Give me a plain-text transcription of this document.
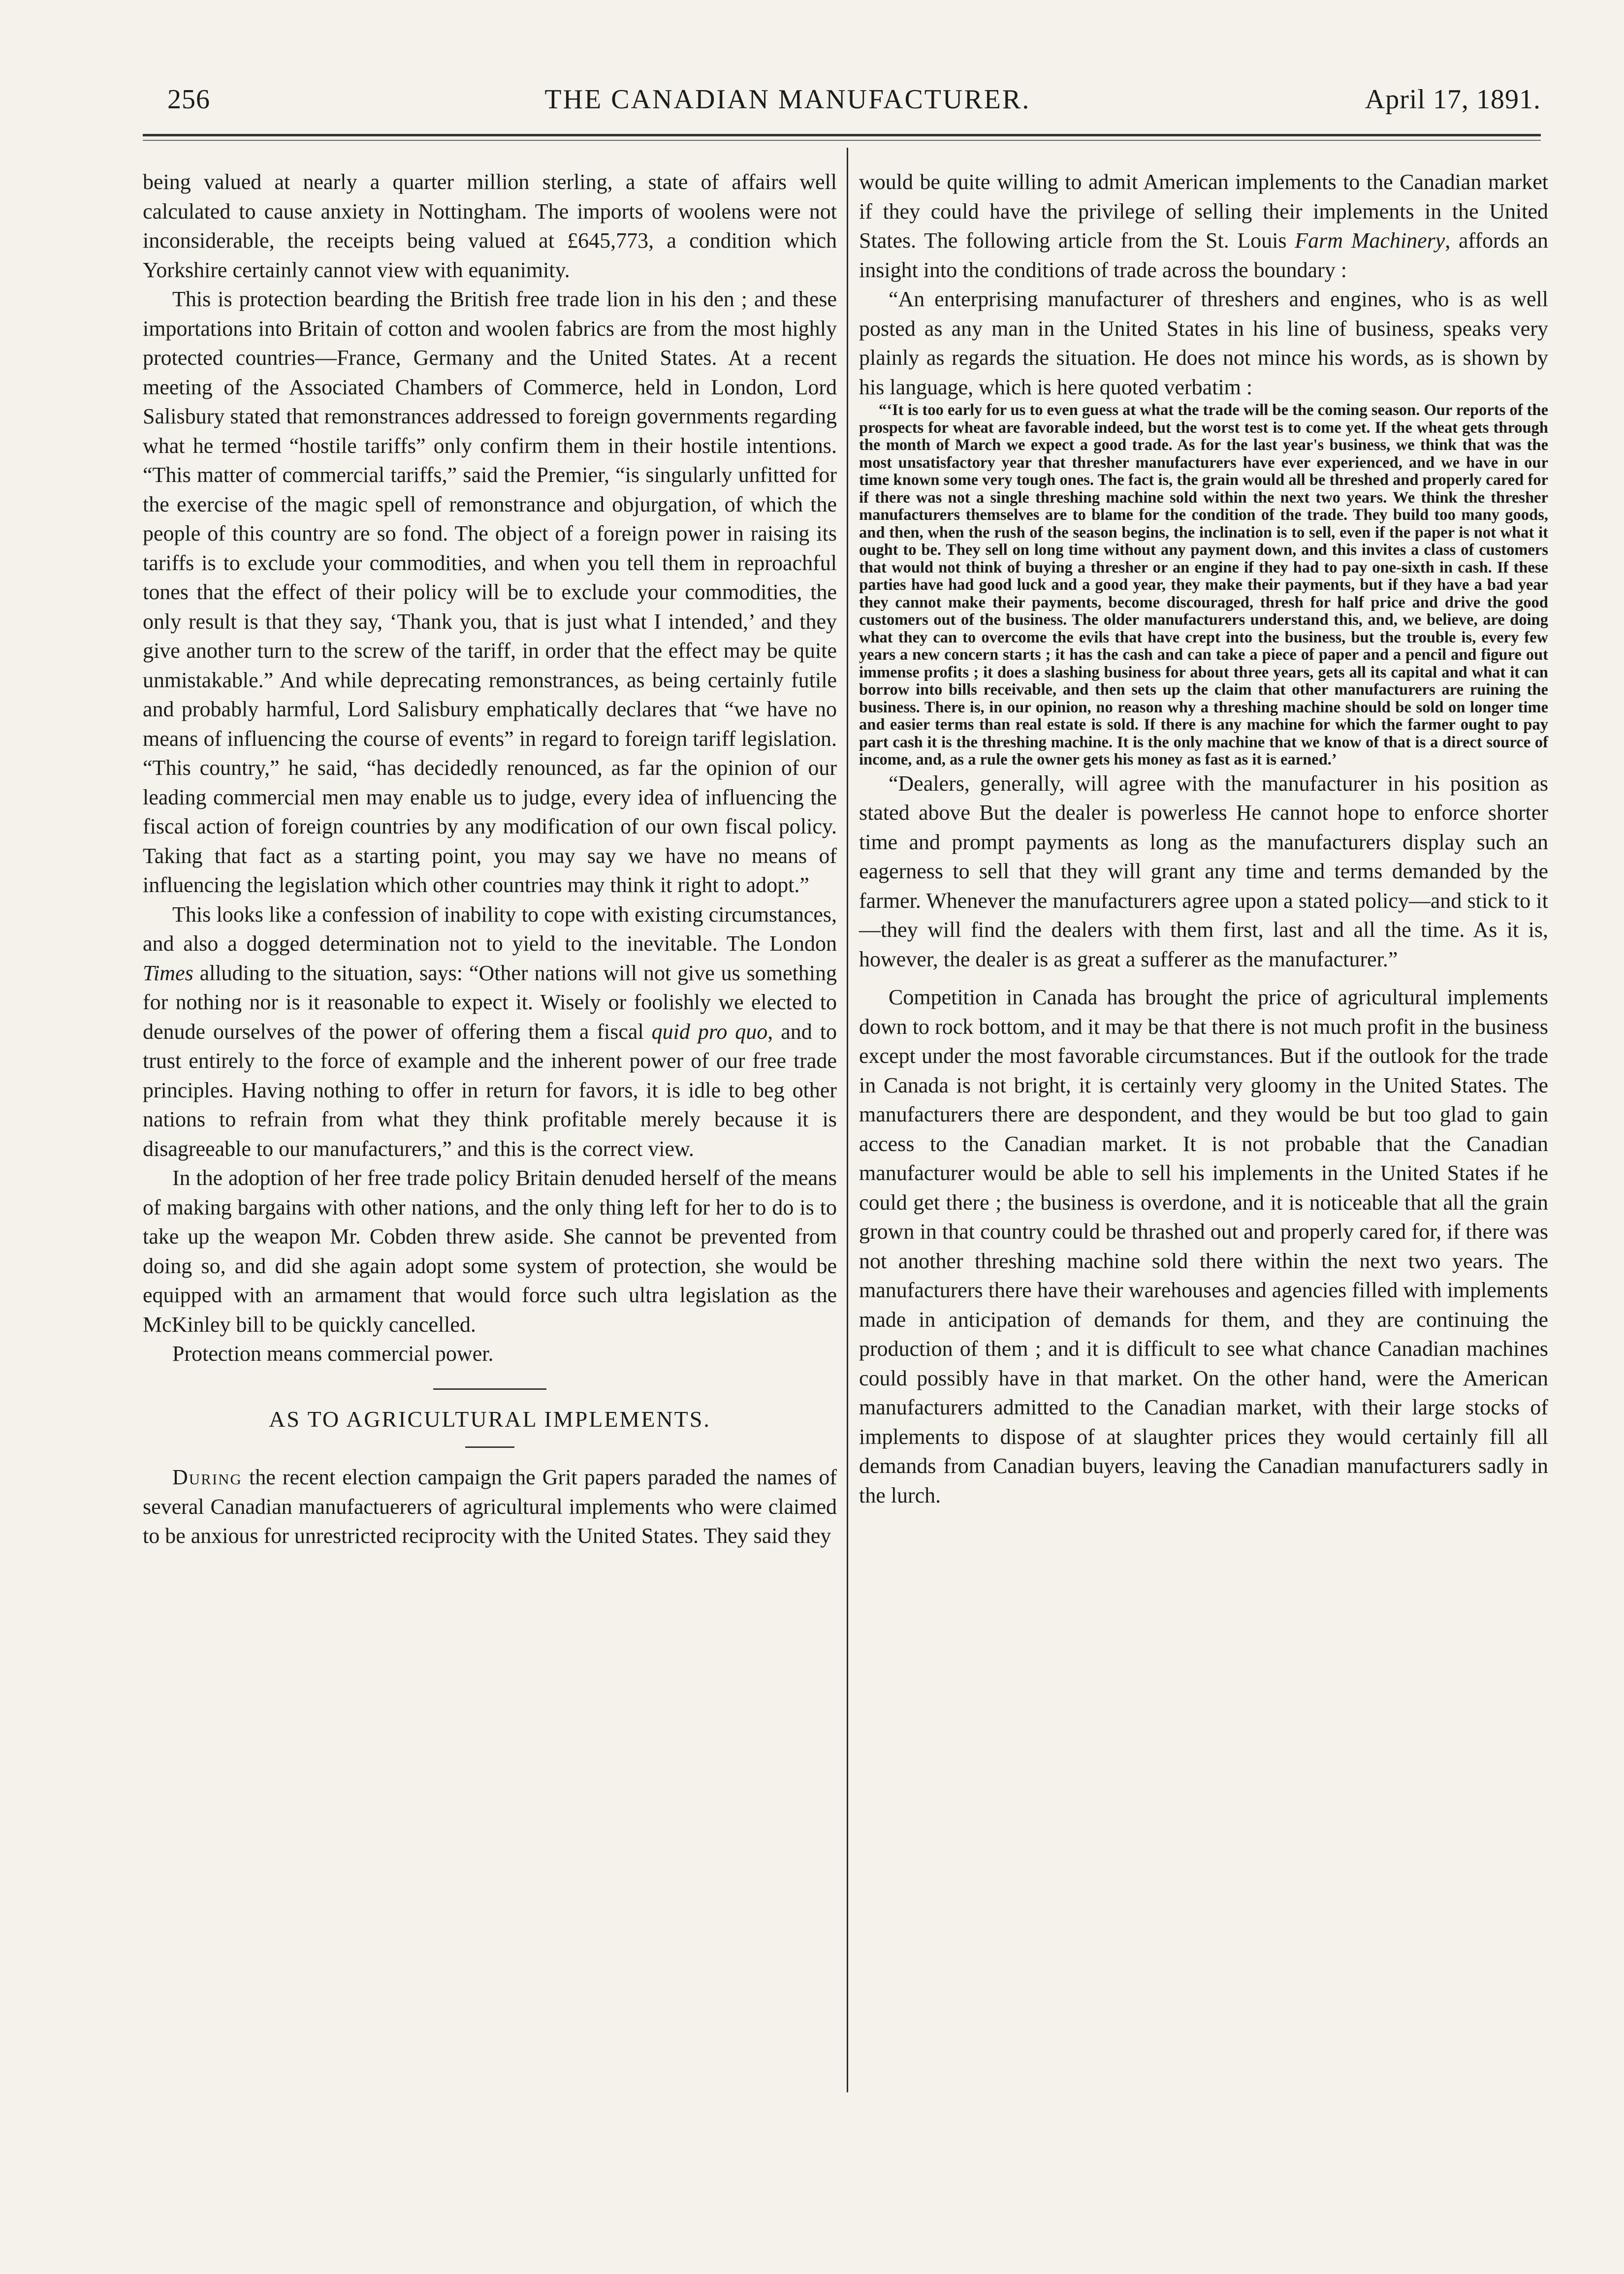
256	THE CANADIAN MANUFACTURER.	April 17, 1891.

being valued at nearly a quarter million sterling, a state of affairs well calculated to cause anxiety in Nottingham. The imports of woolens were not inconsiderable, the receipts being valued at £645,773, a condition which Yorkshire certainly cannot view with equanimity.

This is protection bearding the British free trade lion in his den ; and these importations into Britain of cotton and woolen fabrics are from the most highly protected countries—France, Germany and the United States. At a recent meeting of the Associated Chambers of Commerce, held in London, Lord Salisbury stated that remonstrances addressed to foreign governments regarding what he termed “hostile tariffs” only confirm them in their hostile intentions. “This matter of commercial tariffs,” said the Premier, “is singularly unfitted for the exercise of the magic spell of remonstrance and objurgation, of which the people of this country are so fond. The object of a foreign power in raising its tariffs is to exclude your commodities, and when you tell them in reproachful tones that the effect of their policy will be to exclude your commodities, the only result is that they say, ‘Thank you, that is just what I intended,’ and they give another turn to the screw of the tariff, in order that the effect may be quite unmistakable.” And while deprecating remonstrances, as being certainly futile and probably harmful, Lord Salisbury emphatically declares that “we have no means of influencing the course of events” in regard to foreign tariff legislation. “This country,” he said, “has decidedly renounced, as far the opinion of our leading commercial men may enable us to judge, every idea of influencing the fiscal action of foreign countries by any modification of our own fiscal policy. Taking that fact as a starting point, you may say we have no means of influencing the legislation which other countries may think it right to adopt.”

This looks like a confession of inability to cope with existing circumstances, and also a dogged determination not to yield to the inevitable. The London Times alluding to the situation, says: “Other nations will not give us something for nothing nor is it reasonable to expect it. Wisely or foolishly we elected to denude ourselves of the power of offering them a fiscal quid pro quo, and to trust entirely to the force of example and the inherent power of our free trade principles. Having nothing to offer in return for favors, it is idle to beg other nations to refrain from what they think profitable merely because it is disagreeable to our manufacturers,” and this is the correct view.

In the adoption of her free trade policy Britain denuded herself of the means of making bargains with other nations, and the only thing left for her to do is to take up the weapon Mr. Cobden threw aside. She cannot be prevented from doing so, and did she again adopt some system of protection, she would be equipped with an armament that would force such ultra legislation as the McKinley bill to be quickly cancelled.

Protection means commercial power.

AS TO AGRICULTURAL IMPLEMENTS.

During the recent election campaign the Grit papers paraded the names of several Canadian manufactuerers of agricultural implements who were claimed to be anxious for unrestricted reciprocity with the United States. They said they

would be quite willing to admit American implements to the Canadian market if they could have the privilege of selling their implements in the United States. The following article from the St. Louis Farm Machinery, affords an insight into the conditions of trade across the boundary :

“An enterprising manufacturer of threshers and engines, who is as well posted as any man in the United States in his line of business, speaks very plainly as regards the situation. He does not mince his words, as is shown by his language, which is here quoted verbatim :

“‘It is too early for us to even guess at what the trade will be the coming season. Our reports of the prospects for wheat are favorable indeed, but the worst test is to come yet. If the wheat gets through the month of March we expect a good trade. As for the last year's business, we think that was the most unsatisfactory year that thresher manufacturers have ever experienced, and we have in our time known some very tough ones. The fact is, the grain would all be threshed and properly cared for if there was not a single threshing machine sold within the next two years. We think the thresher manufacturers themselves are to blame for the condition of the trade. They build too many goods, and then, when the rush of the season begins, the inclination is to sell, even if the paper is not what it ought to be. They sell on long time without any payment down, and this invites a class of customers that would not think of buying a thresher or an engine if they had to pay one-sixth in cash. If these parties have had good luck and a good year, they make their payments, but if they have a bad year they cannot make their payments, become discouraged, thresh for half price and drive the good customers out of the business. The older manufacturers understand this, and, we believe, are doing what they can to overcome the evils that have crept into the business, but the trouble is, every few years a new concern starts ; it has the cash and can take a piece of paper and a pencil and figure out immense profits ; it does a slashing business for about three years, gets all its capital and what it can borrow into bills receivable, and then sets up the claim that other manufacturers are ruining the business. There is, in our opinion, no reason why a threshing machine should be sold on longer time and easier terms than real estate is sold. If there is any machine for which the farmer ought to pay part cash it is the threshing machine. It is the only machine that we know of that is a direct source of income, and, as a rule the owner gets his money as fast as it is earned.’

“Dealers, generally, will agree with the manufacturer in his position as stated above But the dealer is powerless He cannot hope to enforce shorter time and prompt payments as long as the manufacturers display such an eagerness to sell that they will grant any time and terms demanded by the farmer. Whenever the manufacturers agree upon a stated policy—and stick to it—they will find the dealers with them first, last and all the time. As it is, however, the dealer is as great a sufferer as the manufacturer.”

Competition in Canada has brought the price of agricultural implements down to rock bottom, and it may be that there is not much profit in the business except under the most favorable circumstances. But if the outlook for the trade in Canada is not bright, it is certainly very gloomy in the United States. The manufacturers there are despondent, and they would be but too glad to gain access to the Canadian market. It is not probable that the Canadian manufacturer would be able to sell his implements in the United States if he could get there ; the business is overdone, and it is noticeable that all the grain grown in that country could be thrashed out and properly cared for, if there was not another threshing machine sold there within the next two years. The manufacturers there have their warehouses and agencies filled with implements made in anticipation of demands for them, and they are continuing the production of them ; and it is difficult to see what chance Canadian machines could possibly have in that market. On the other hand, were the American manufacturers admitted to the Canadian market, with their large stocks of implements to dispose of at slaughter prices they would certainly fill all demands from Canadian buyers, leaving the Canadian manufacturers sadly in the lurch.
